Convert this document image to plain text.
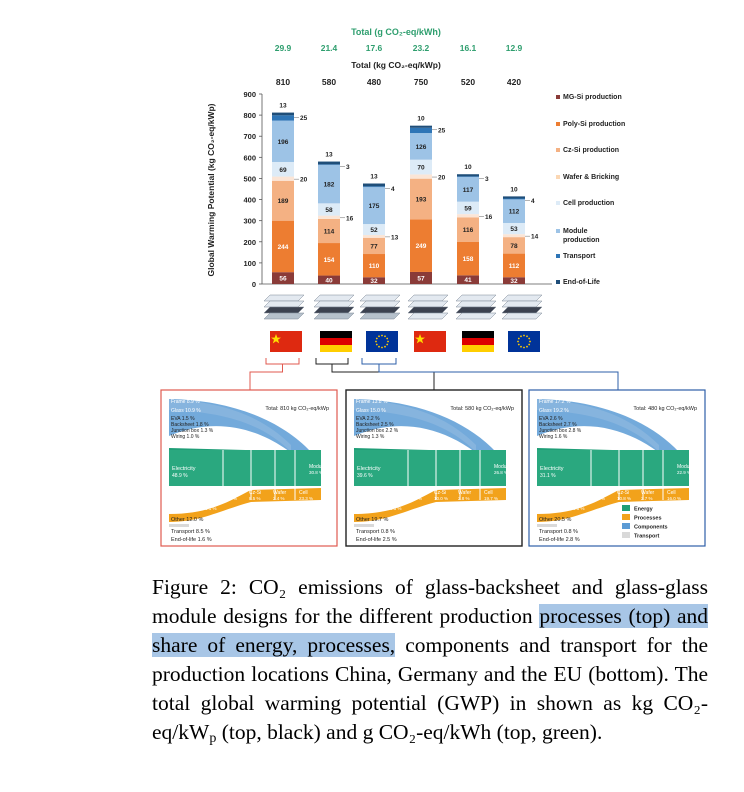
Total (g CO₂-eq/kWh)
Total (kg CO₂-eq/kWp)
Global Warming Potential (kg CO₂-eq/kWp)
0
100
200
300
400
500
600
700
800
900
56
244
189
20
69
196
25
13
40
154
114
16
58
182
3
13
32
110
77
13
52
175
4
13
57
249
193
20
70
126
25
10
41
158
116
16
59
117
3
10
32
112
78
14
53
112
4
10
29.9	21.4	17.6	23.2	16.1	12.9
810	580	480	750	520	420
MG-Si production
Poly-Si production
Cz-Si production
Wafer & Bricking
Cell production
Module
production
Transport
End-of-Life
Total: 810 kg CO₂-eq/kWp
Frame 8.9 %
Glass 10.9 %
EVA 1.5 %
Backsheet 1.8 %
Junction box 1.3 %
Wiring 1.0 %
Electricity
48.9 %
Module
30.8 %
Cell
23.3 %
Wafer
2.4 %
Cz-Si
8.5 %
Poly-Si
24.2 %
MG-Si
3.1 %
Other 12.0 %
Transport 8.5 %
End-of-life 1.6 %
Total: 580 kg CO₂-eq/kWp
Frame 13.8 %
Glass 15.0 %
EVA 2.2 %
Backsheet 2.5 %
Junction box 2.2 %
Wiring 1.3 %
Electricity
39.6 %
Module
26.8 %
Cell
19.7 %
Wafer
2.8 %
Cz-Si
10.0 %
Poly-Si
31.4 %
MG-Si
0.5 %
Other 19.7 %
Transport 0.8 %
End-of-life 2.5 %
Total: 480 kg CO₂-eq/kWp
Frame 17.2 %
Glass 19.2 %
EVA 2.6 %
Backsheet 2.7 %
Junction box 2.8 %
Wiring 1.6 %
Electricity
31.1 %
Module
22.9 %
Cell
16.0 %
Wafer
2.7 %
Cz-Si
10.8 %
Poly-Si
36.5 %
MG-Si
0.8 %
Other 20.5 %
Transport 0.8 %
End-of-life 2.8 %
Energy
Processes
Components
Transport
Figure 2: CO₂ emissions of glass-backsheet and glass-glass module designs for the different production processes (top) and share of energy, processes, components and transport for the production locations China, Germany and the EU (bottom). The total global warming potential (GWP) in shown as kg CO₂-$eq/kW_p$ (top, black) and g CO₂-eq/kWh (top, green).
